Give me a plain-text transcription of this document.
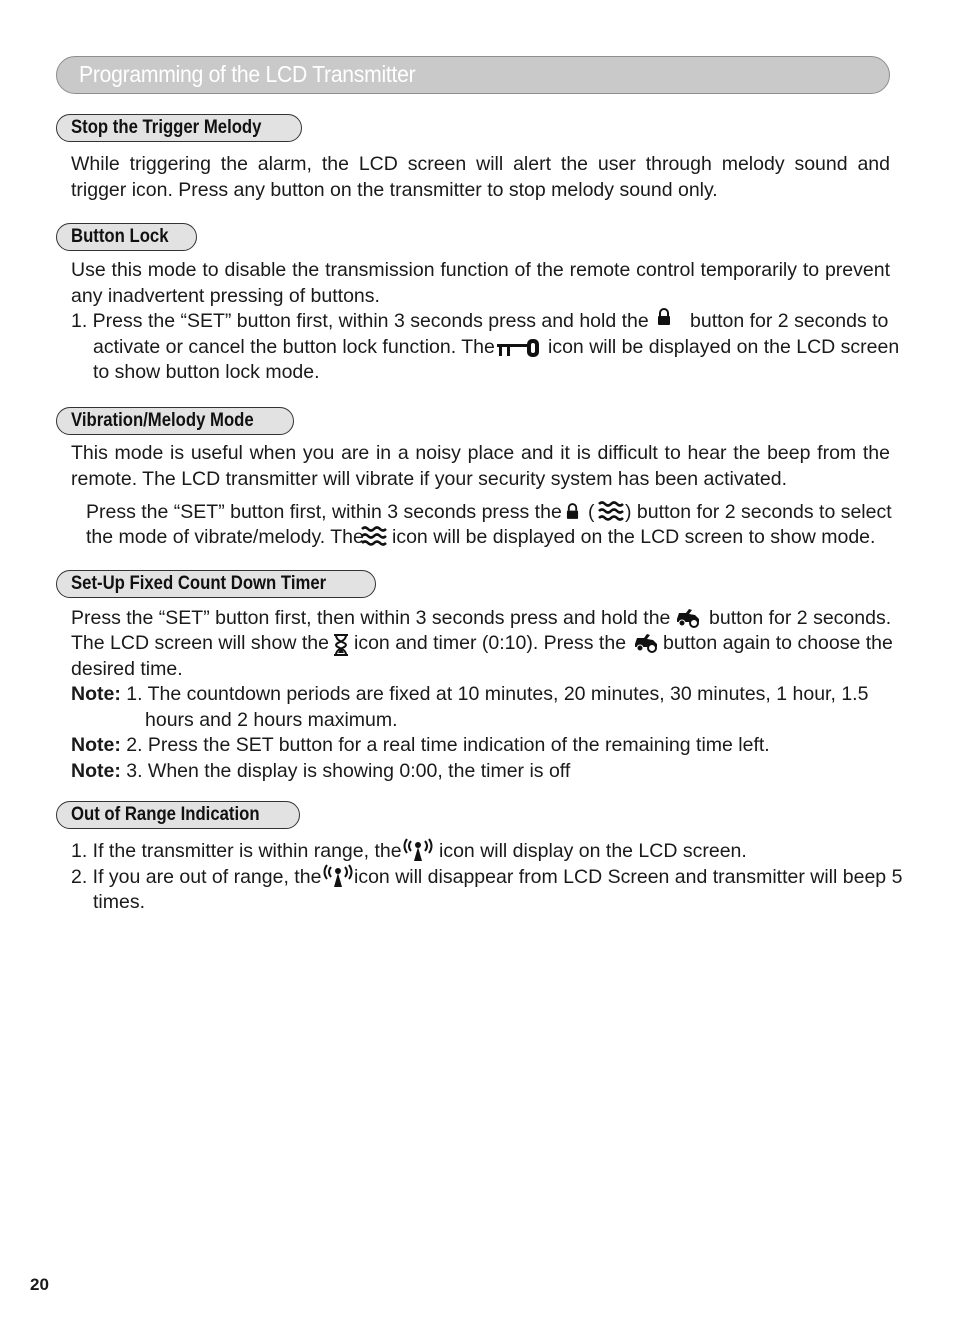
Programming of the LCD Transmitter
Stop the Trigger Melody
While triggering the alarm, the LCD screen will alert the user through melody sound and
trigger icon. Press any button on the transmitter to stop melody sound only.
Button Lock
Use this mode to disable the transmission function of the remote control temporarily to prevent
any inadvertent pressing of buttons.
1. Press the “SET” button first, within 3 seconds press and hold the button for 2 seconds to
activate or cancel the button lock function. The	icon will be displayed on the LCD screen
to show button lock mode.
Vibration/Melody Mode
This mode is useful when you are in a noisy place and it is difficult to hear the beep from the
remote. The LCD transmitter will vibrate if your security system has been activated.
Press the “SET” button first, within 3 seconds press the ( ) button for 2 seconds to select
the mode of vibrate/melody. The icon will be displayed on the LCD screen to show mode.
Set-Up Fixed Count Down Timer
Press the “SET” button first, then within 3 seconds press and hold the button for 2 seconds.
The LCD screen will show the icon and timer (0:10). Press the button again to choose the
desired time.
Note: 1. The countdown periods are fixed at 10 minutes, 20 minutes, 30 minutes, 1 hour, 1.5
hours and 2 hours maximum.
Note: 2. Press the SET button for a real time indication of the remaining time left.
Note: 3. When the display is showing 0:00, the timer is off
Out of Range Indication
1. If the transmitter is within range, the icon will display on the LCD screen.
2. If you are out of range, the icon will disappear from LCD Screen and transmitter will beep 5
times.
20
